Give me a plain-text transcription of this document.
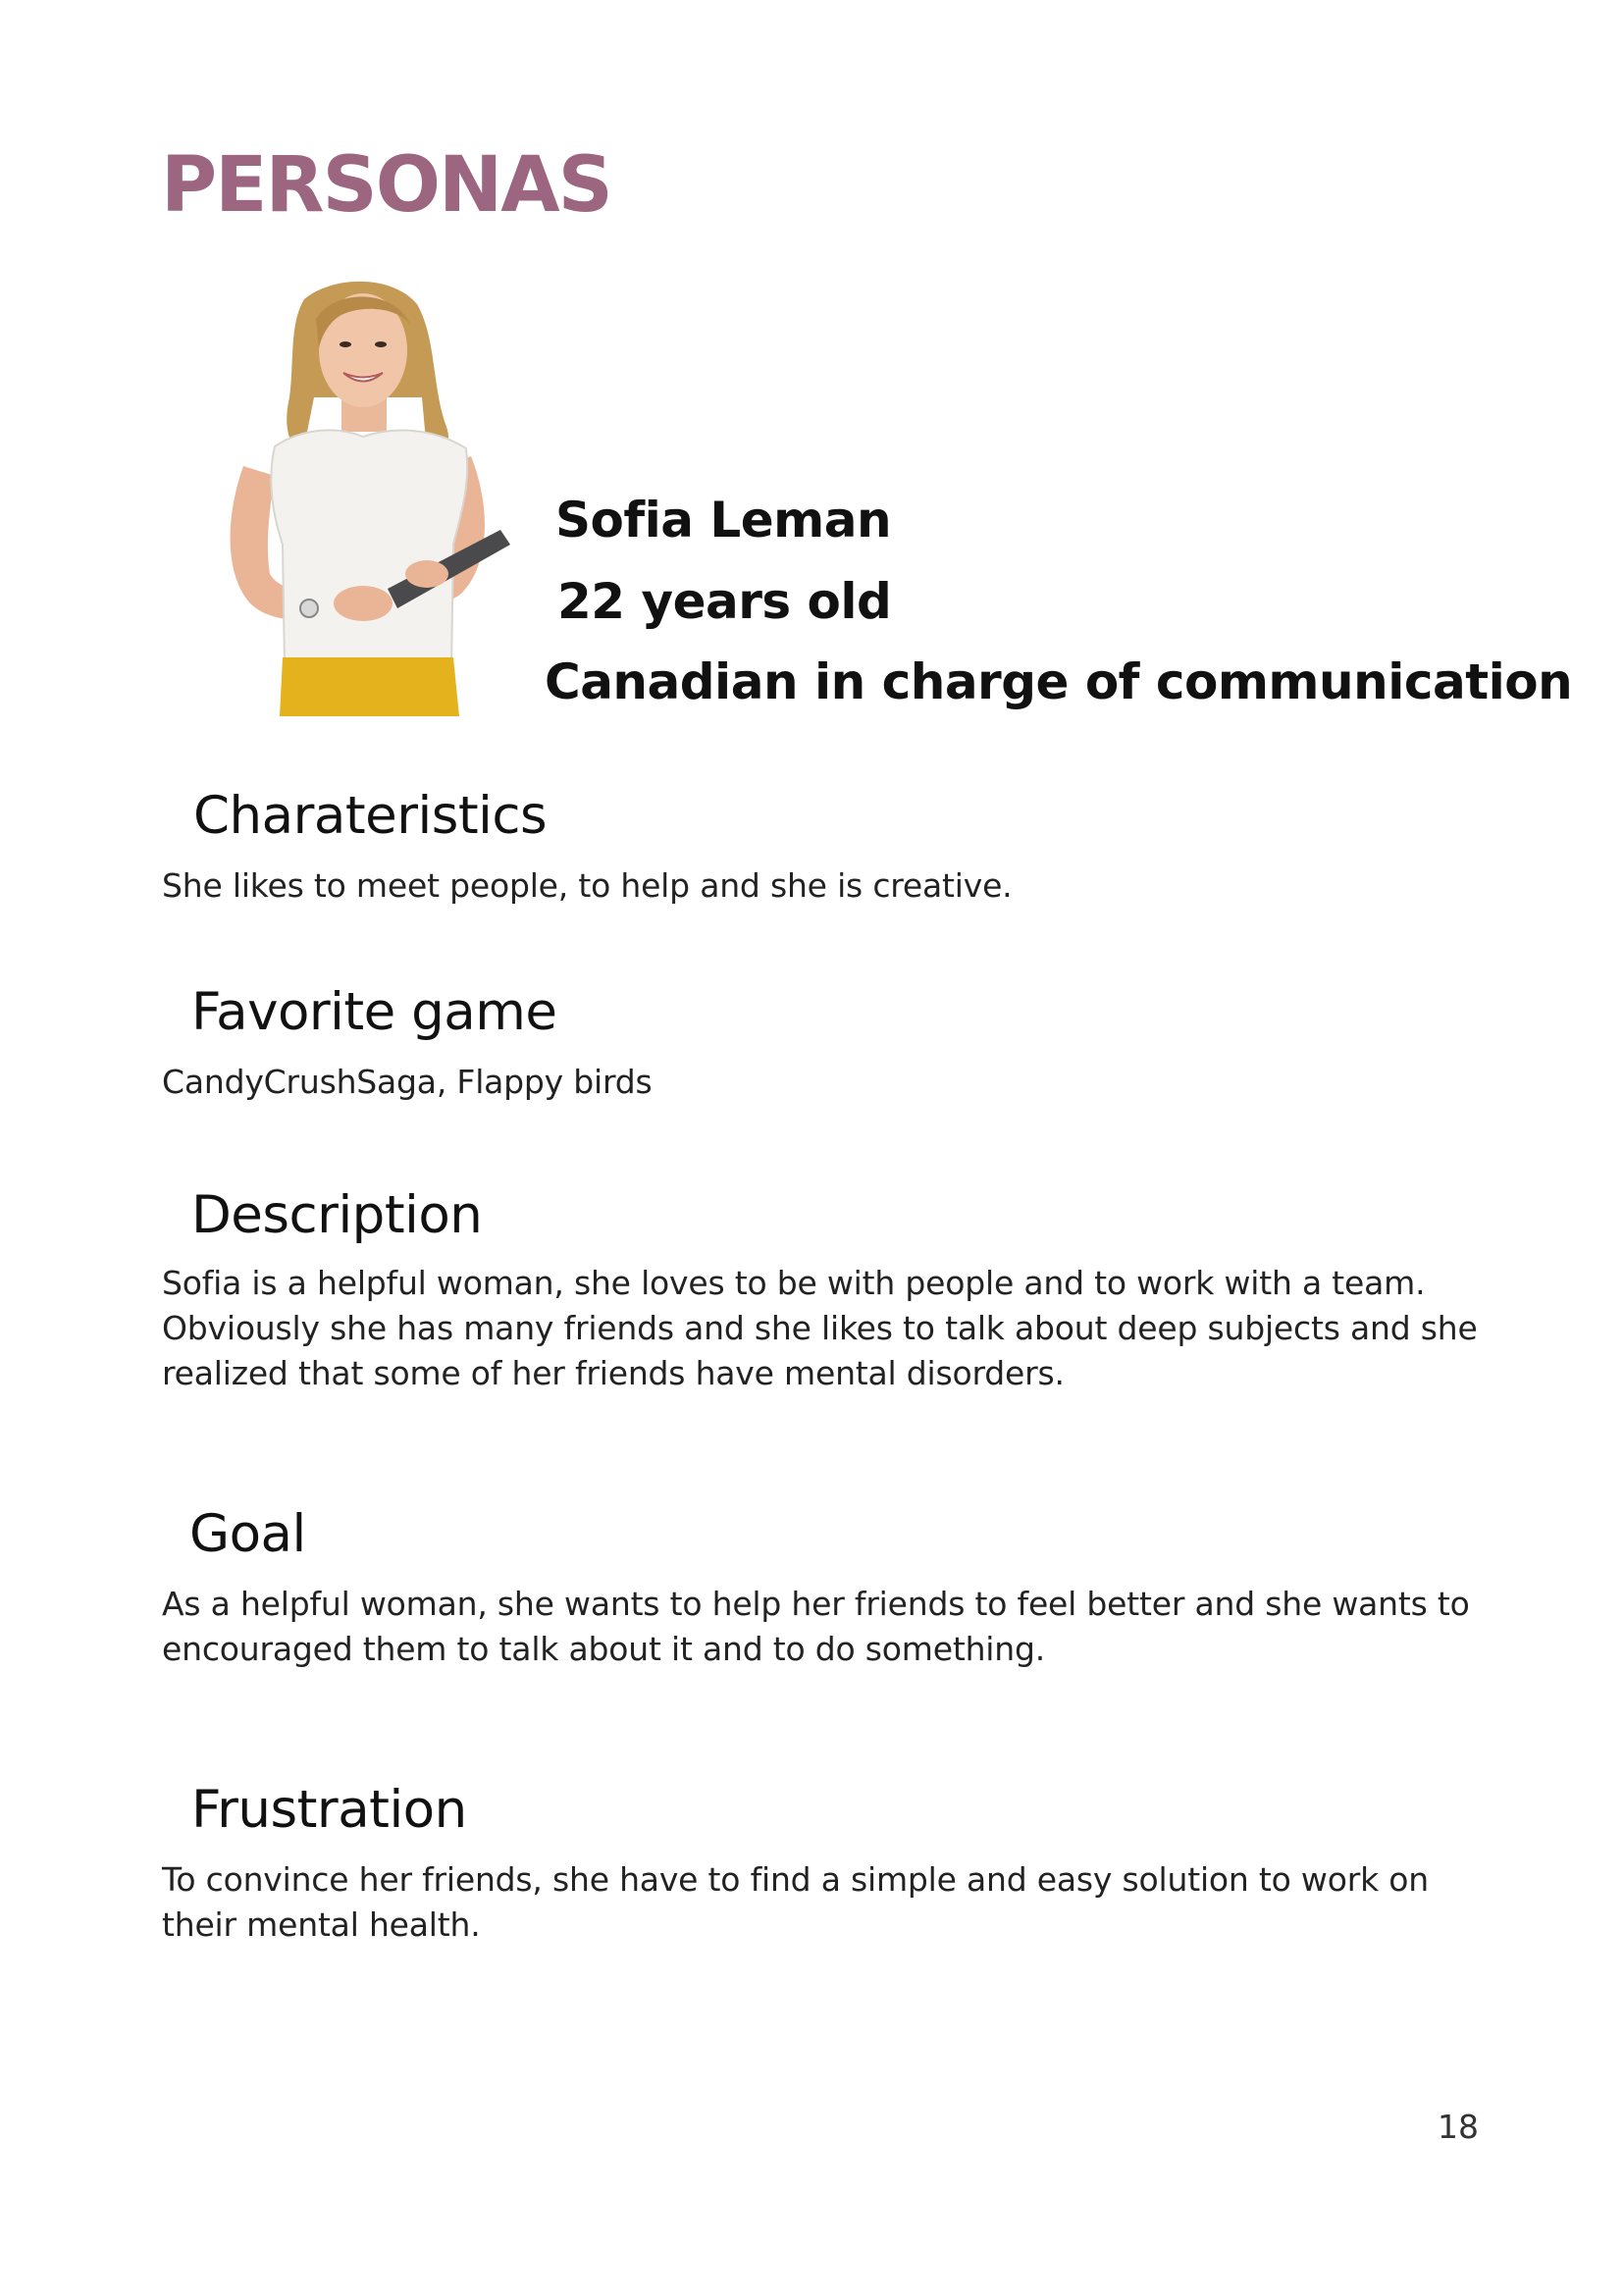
PERSONAS

Sofia Leman

22 years old

Canadian in charge of communication

Charateristics

She likes to meet people, to help and she is creative.

Favorite game

CandyCrushSaga, Flappy birds

Description

Sofia is a helpful woman, she loves to be with people and to work with a team. Obviously she has many friends and she likes to talk about deep subjects and she realized that some of her friends have mental disorders.

Goal

As a helpful woman, she wants to help her friends to feel better and she wants to encouraged them to talk about it and to do something.

Frustration

To convince her friends, she have to find a simple and easy solution to work on their mental health.

18
